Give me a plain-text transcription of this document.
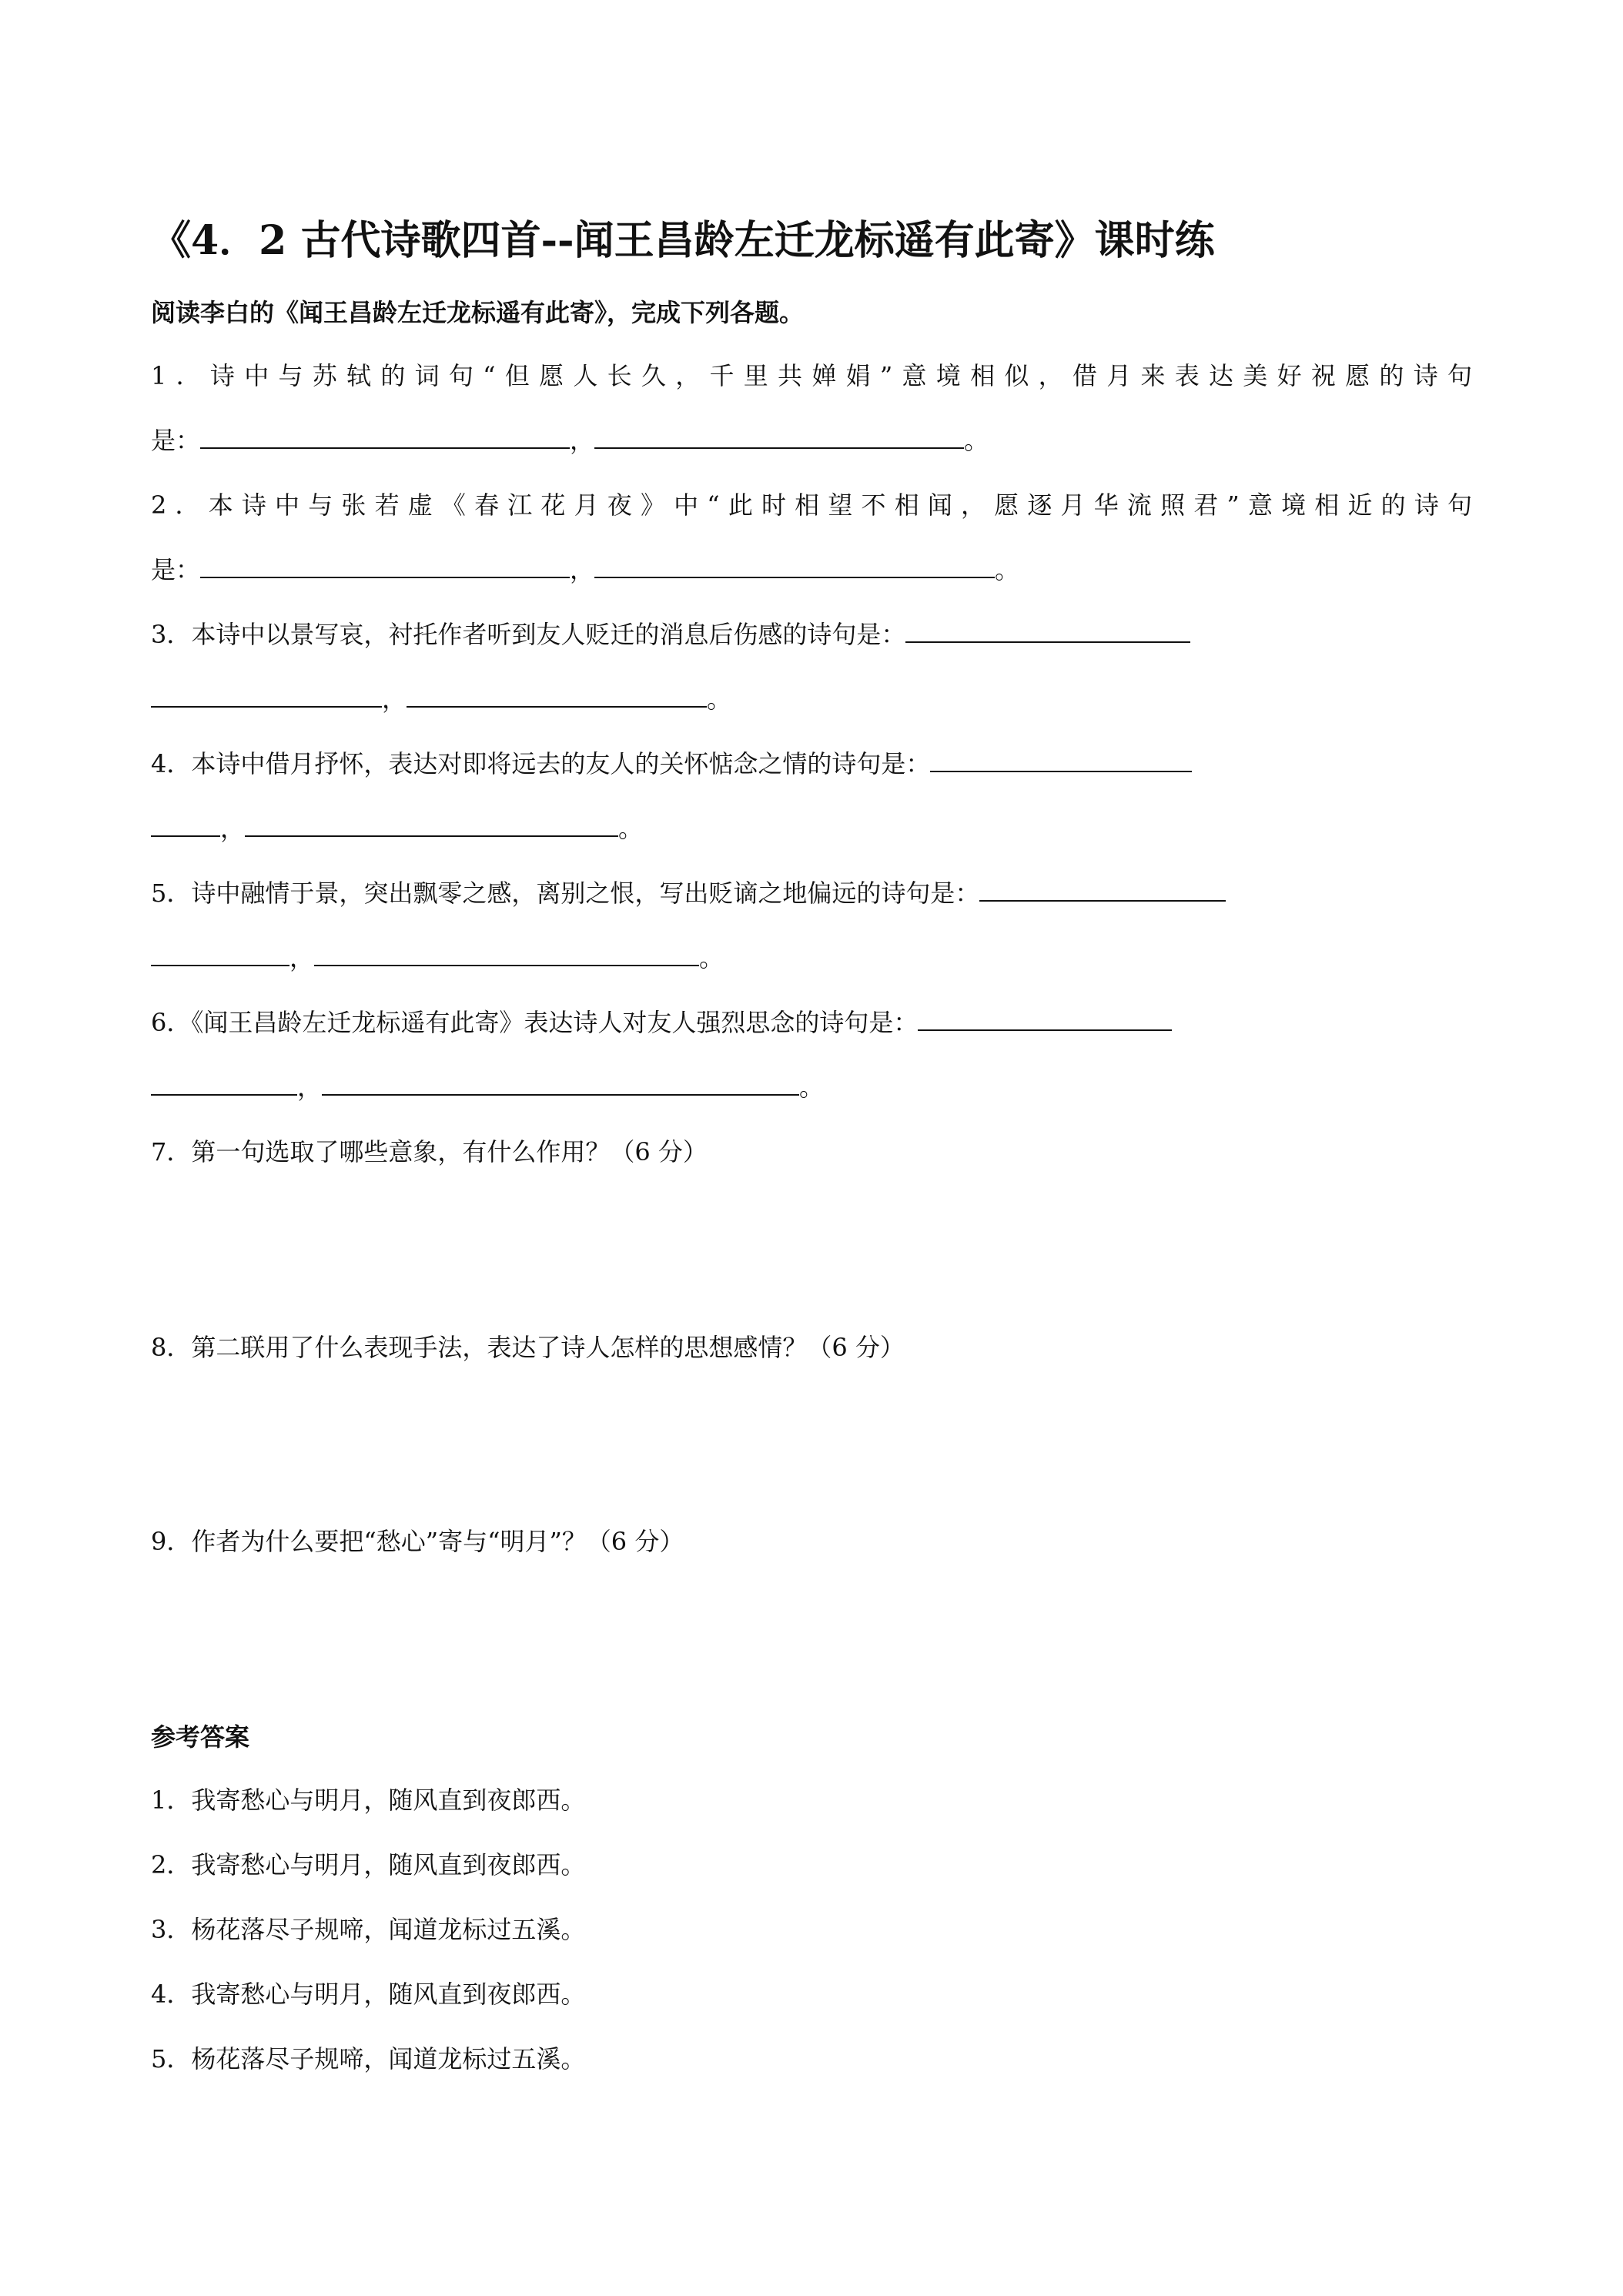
《4．2 古代诗歌四首--闻王昌龄左迁龙标遥有此寄》课时练
阅读李白的《闻王昌龄左迁龙标遥有此寄》，完成下列各题。
1．诗中与苏轼的词句“但愿人长久，千里共婵娟”意境相似，借月来表达美好祝愿的诗句
是：	，	。
2．本诗中与张若虚《春江花月夜》中“此时相望不相闻，愿逐月华流照君”意境相近的诗句
是：	，	。
3．本诗中以景写哀，衬托作者听到友人贬迁的消息后伤感的诗句是：
，	。
4．本诗中借月抒怀，表达对即将远去的友人的关怀惦念之情的诗句是：
，	。
5．诗中融情于景，突出飘零之感，离别之恨，写出贬谪之地偏远的诗句是：
，	。
6．《闻王昌龄左迁龙标遥有此寄》表达诗人对友人强烈思念的诗句是：
，	。
7．第一句选取了哪些意象，有什么作用？（6 分）
8．第二联用了什么表现手法，表达了诗人怎样的思想感情？（6 分）
9．作者为什么要把“愁心”寄与“明月”？（6 分）
参考答案
1．我寄愁心与明月，随风直到夜郎西。
2．我寄愁心与明月，随风直到夜郎西。
3．杨花落尽子规啼，闻道龙标过五溪。
4．我寄愁心与明月，随风直到夜郎西。
5．杨花落尽子规啼，闻道龙标过五溪。
